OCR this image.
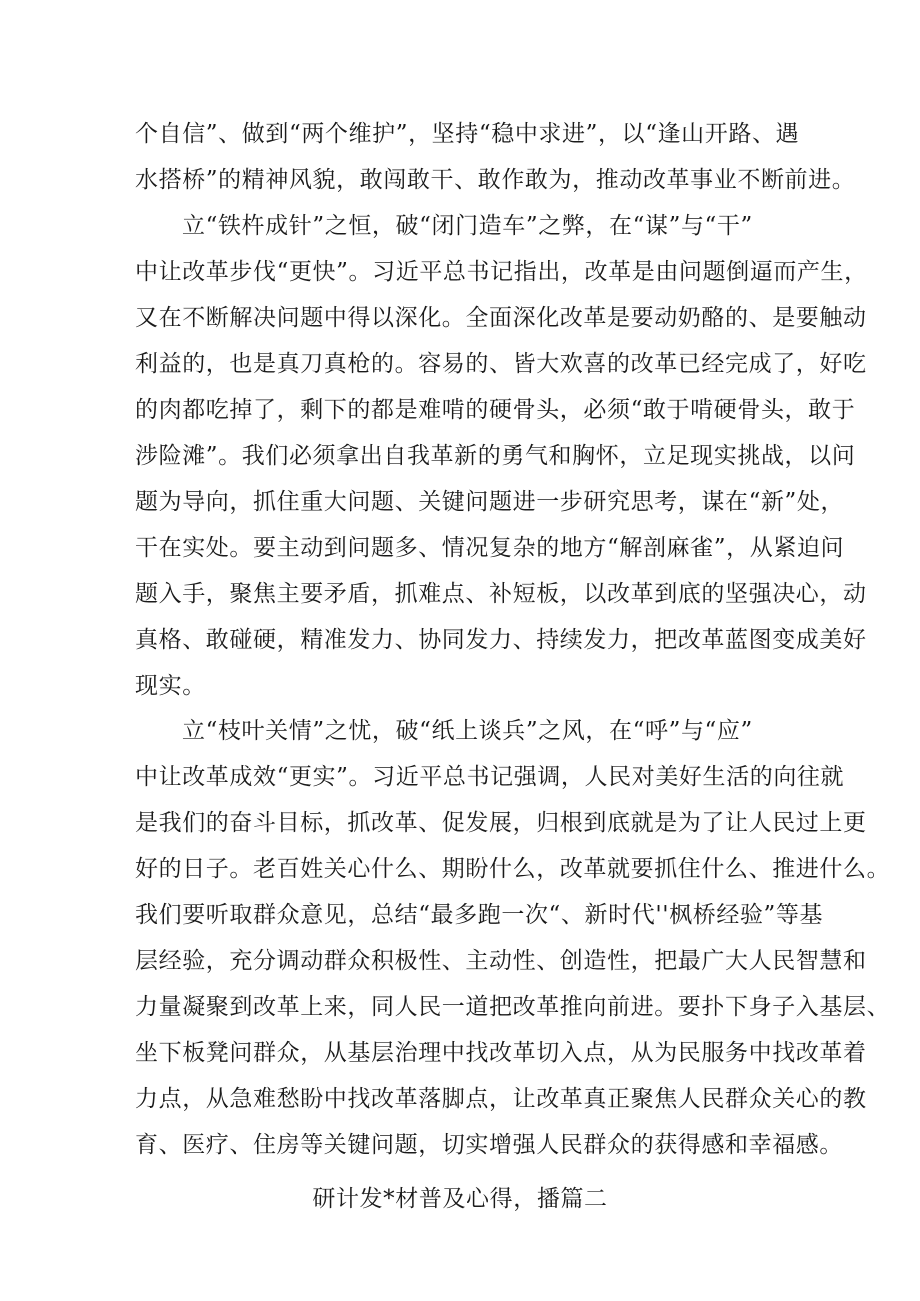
个自信”、做到“两个维护”，坚持“稳中求进”，以“逢山开路、遇
水搭桥”的精神风貌，敢闯敢干、敢作敢为，推动改革事业不断前进。
立“铁杵成针”之恒，破“闭门造车”之弊，在“谋”与“干”
中让改革步伐“更快”。习近平总书记指出，改革是由问题倒逼而产生，
又在不断解决问题中得以深化。全面深化改革是要动奶酪的、是要触动
利益的，也是真刀真枪的。容易的、皆大欢喜的改革已经完成了，好吃
的肉都吃掉了，剩下的都是难啃的硬骨头，必须“敢于啃硬骨头，敢于
涉险滩”。我们必须拿出自我革新的勇气和胸怀，立足现实挑战，以问
题为导向，抓住重大问题、关键问题进一步研究思考，谋在“新”处，
干在实处。要主动到问题多、情况复杂的地方“解剖麻雀”，从紧迫问
题入手，聚焦主要矛盾，抓难点、补短板，以改革到底的坚强决心，动
真格、敢碰硬，精准发力、协同发力、持续发力，把改革蓝图变成美好
现实。
立“枝叶关情”之忧，破“纸上谈兵”之风，在“呼”与“应”
中让改革成效“更实”。习近平总书记强调，人民对美好生活的向往就
是我们的奋斗目标，抓改革、促发展，归根到底就是为了让人民过上更
好的日子。老百姓关心什么、期盼什么，改革就要抓住什么、推进什么。
我们要听取群众意见，总结“最多跑一次“、新时代''枫桥经验”等基
层经验，充分调动群众积极性、主动性、创造性，把最广大人民智慧和
力量凝聚到改革上来，同人民一道把改革推向前进。要扑下身子入基层、
坐下板凳问群众，从基层治理中找改革切入点，从为民服务中找改革着
力点，从急难愁盼中找改革落脚点，让改革真正聚焦人民群众关心的教
育、医疗、住房等关键问题，切实增强人民群众的获得感和幸福感。
研计发*材普及心得，播篇二
